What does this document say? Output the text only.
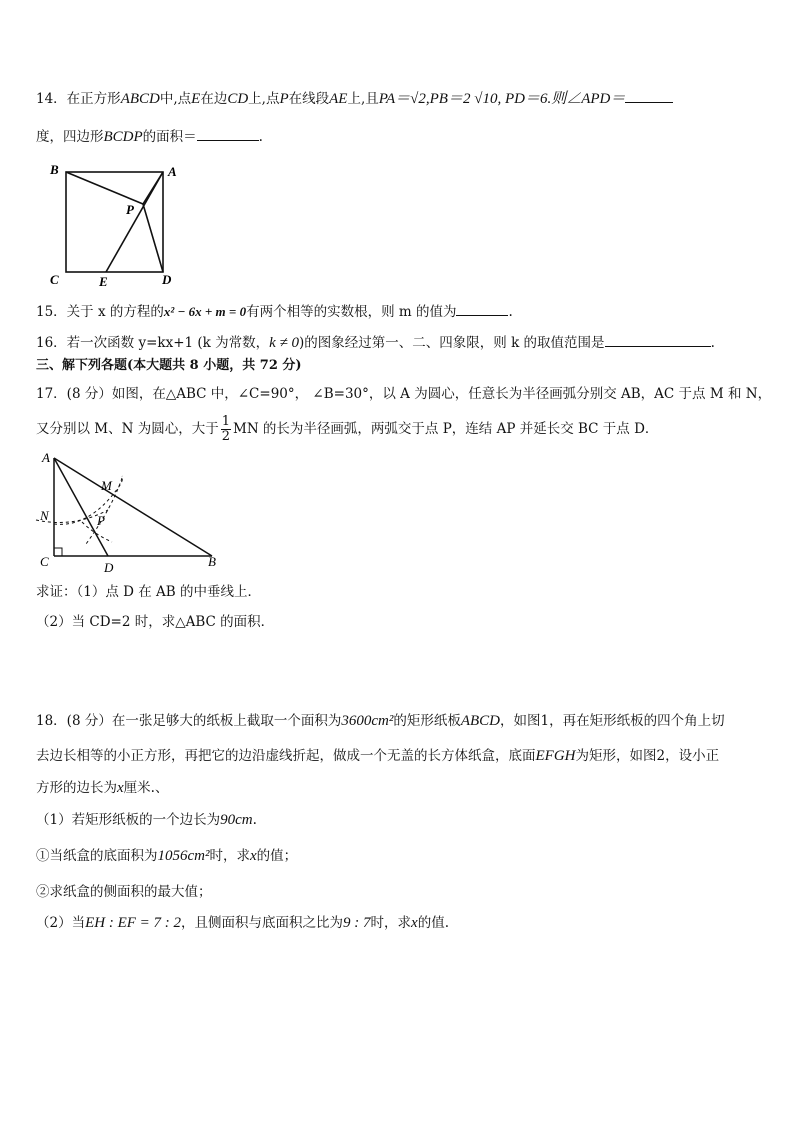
14．在正方形ABCD中,点E在边CD上,点P在线段AE上,且PA＝√2,PB＝2 √10, PD＝6.则∠APD＝
度，四边形BCDP的面积＝	.
B	A
P
C	E	D
15．关于 x 的方程的x² − 6x + m = 0有两个相等的实数根，则 m 的值为	.
16．若一次函数 y=kx+1 (k 为常数，k ≠ 0)的图象经过第一、二、四象限，则 k 的取值范围是	.
三、解下列各题(本大题共 8 小题，共 72 分)
17．(8 分）如图，在△ABC 中，∠C=90°， ∠B=30°，以 A 为圆心，任意长为半径画弧分别交 AB，AC 于点 M 和 N，
又分别以 M、N 为圆心，大于 $\frac{1}{2}$ MN 的长为半径画弧，两弧交于点 P，连结 AP 并延长交 BC 于点 D．
A
M
N	P
C	D	B
求证：（1）点 D 在 AB 的中垂线上．
（2）当 CD=2 时，求△ABC 的面积．
18．(8 分）在一张足够大的纸板上截取一个面积为3600cm²的矩形纸板ABCD，如图1，再在矩形纸板的四个角上切
去边长相等的小正方形，再把它的边沿虚线折起，做成一个无盖的长方体纸盒，底面EFGH为矩形，如图2，设小正
方形的边长为x厘米.、
（1）若矩形纸板的一个边长为90cm.
①当纸盒的底面积为1056cm²时，求x的值；
②求纸盒的侧面积的最大值；
（2）当EH : EF = 7 : 2，且侧面积与底面积之比为9 : 7时，求x的值.
